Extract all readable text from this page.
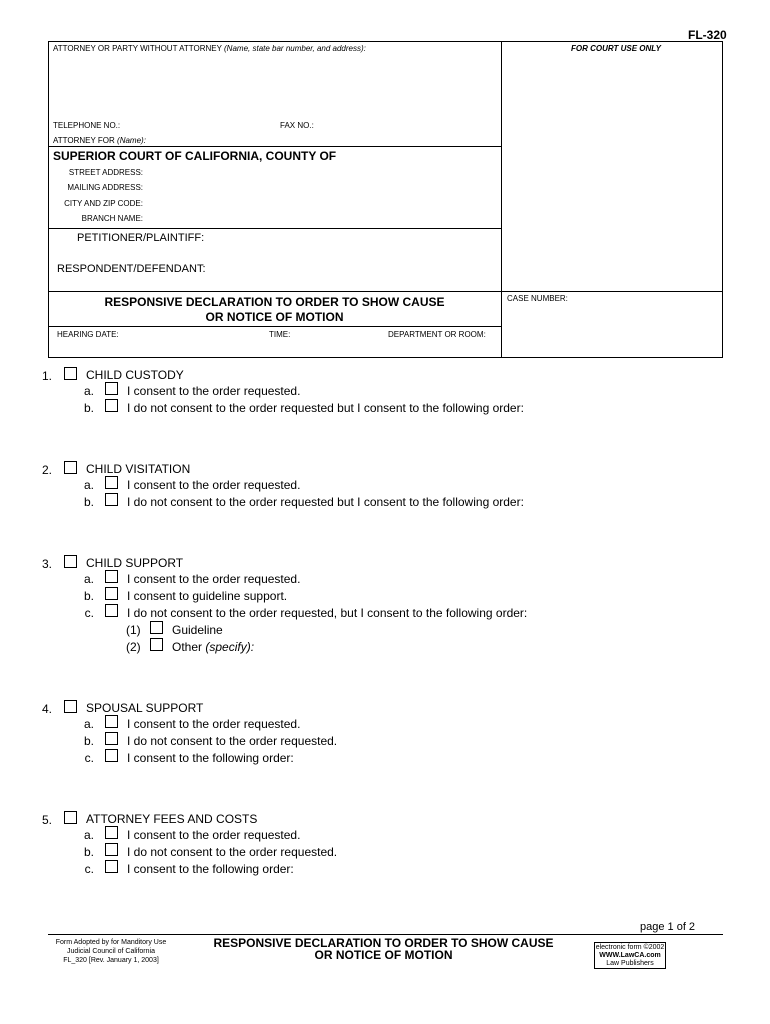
FL-320
ATTORNEY OR PARTY WITHOUT ATTORNEY (Name, state bar number, and address):	FOR COURT USE ONLY
TELEPHONE NO.:	FAX NO.:
ATTORNEY FOR (Name):
SUPERIOR COURT OF CALIFORNIA, COUNTY OF
STREET ADDRESS:
MAILING ADDRESS:
CITY AND ZIP CODE:
BRANCH NAME:
PETITIONER/PLAINTIFF:
RESPONDENT/DEFENDANT:
RESPONSIVE DECLARATION TO ORDER TO SHOW CAUSE
OR NOTICE OF MOTION
CASE NUMBER:
HEARING DATE:	TIME:	DEPARTMENT OR ROOM:
1.	CHILD CUSTODY
a.	I consent to the order requested.
b.	I do not consent to the order requested but I consent to the following order:
2.	CHILD VISITATION
a.	I consent to the order requested.
b.	I do not consent to the order requested but I consent to the following order:
3.	CHILD SUPPORT
a.	I consent to the order requested.
b.	I consent to guideline support.
c.	I do not consent to the order requested, but I consent to the following order:
(1)	Guideline
(2)	Other (specify):
4.	SPOUSAL SUPPORT
a.	I consent to the order requested.
b.	I do not consent to the order requested.
c.	I consent to the following order:
5.	ATTORNEY FEES AND COSTS
a.	I consent to the order requested.
b.	I do not consent to the order requested.
c.	I consent to the following order:
page 1 of 2
Form Adopted by for Manditory Use
Judicial Council of California
FL_320 [Rev. January 1, 2003]
RESPONSIVE DECLARATION TO ORDER TO SHOW CAUSE
OR NOTICE OF MOTION
electronic form ©2002
WWW.LawCA.com
Law Publishers
